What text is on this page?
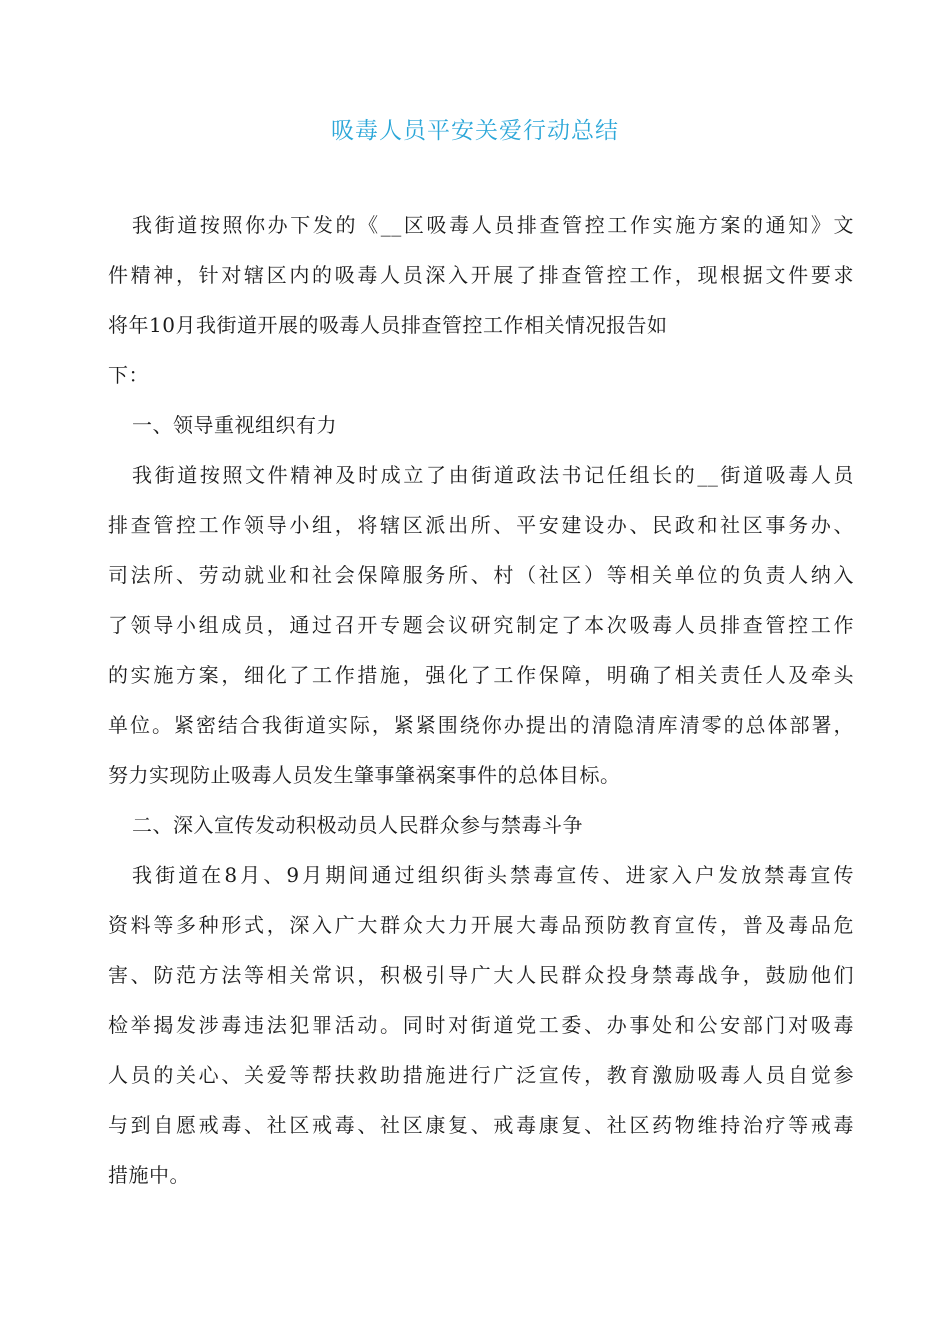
吸毒人员平安关爱行动总结
我街道按照你办下发的《__区吸毒人员排查管控工作实施方案的通知》文
件精神，针对辖区内的吸毒人员深入开展了排查管控工作，现根据文件要求
将年10月我街道开展的吸毒人员排查管控工作相关情况报告如
下：
一、领导重视组织有力
我街道按照文件精神及时成立了由街道政法书记任组长的__街道吸毒人员
排查管控工作领导小组，将辖区派出所、平安建设办、民政和社区事务办、
司法所、劳动就业和社会保障服务所、村（社区）等相关单位的负责人纳入
了领导小组成员，通过召开专题会议研究制定了本次吸毒人员排查管控工作
的实施方案，细化了工作措施，强化了工作保障，明确了相关责任人及牵头
单位。紧密结合我街道实际，紧紧围绕你办提出的清隐清库清零的总体部署，
努力实现防止吸毒人员发生肇事肇祸案事件的总体目标。
二、深入宣传发动积极动员人民群众参与禁毒斗争
我街道在8月、9月期间通过组织街头禁毒宣传、进家入户发放禁毒宣传
资料等多种形式，深入广大群众大力开展大毒品预防教育宣传，普及毒品危
害、防范方法等相关常识，积极引导广大人民群众投身禁毒战争，鼓励他们
检举揭发涉毒违法犯罪活动。同时对街道党工委、办事处和公安部门对吸毒
人员的关心、关爱等帮扶救助措施进行广泛宣传，教育激励吸毒人员自觉参
与到自愿戒毒、社区戒毒、社区康复、戒毒康复、社区药物维持治疗等戒毒
措施中。
